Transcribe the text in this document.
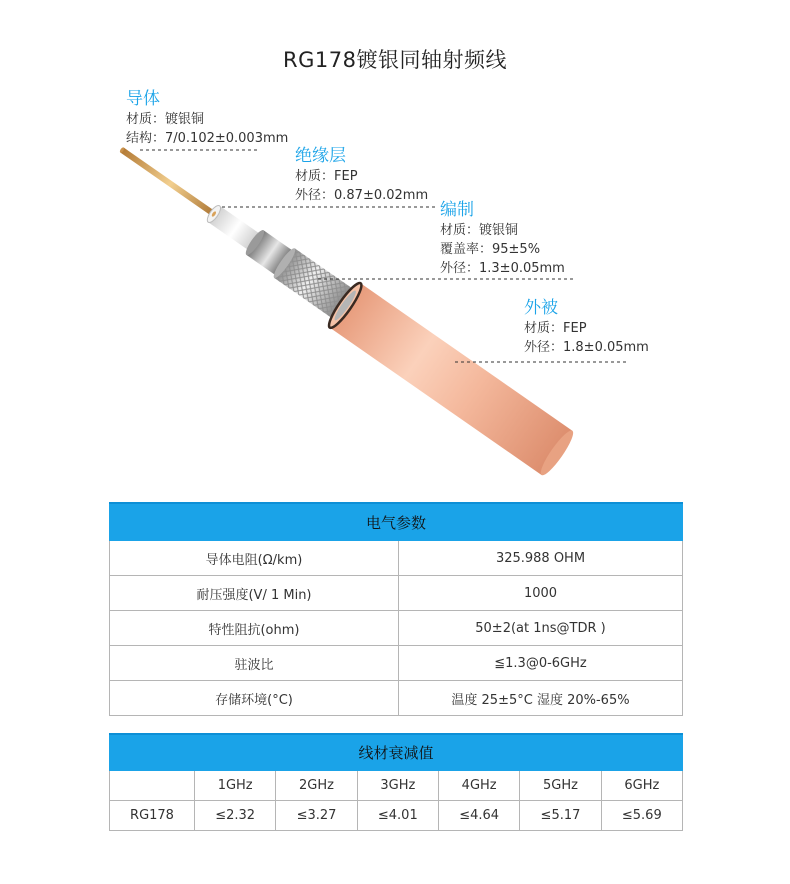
RG178镀银同轴射频线
导体
材质：镀银铜
结构：7/0.102±0.003mm
绝缘层
材质：FEP
外径：0.87±0.02mm
编制
材质：镀银铜
覆盖率：95±5%
外径：1.3±0.05mm
外被
材质：FEP
外径：1.8±0.05mm
电气参数	
导体电阻(Ω/km)	325.988 OHM
耐压强度(V/ 1 Min)	1000
特性阻抗(ohm)	50±2(at 1ns@TDR )
驻波比	≦1.3@0-6GHz
存储环境(°C)	温度 25±5°C 湿度 20%-65%
线材衰减值						
	1GHz	2GHz	3GHz	4GHz	5GHz	6GHz
RG178	≤2.32	≤3.27	≤4.01	≤4.64	≤5.17	≤5.69
